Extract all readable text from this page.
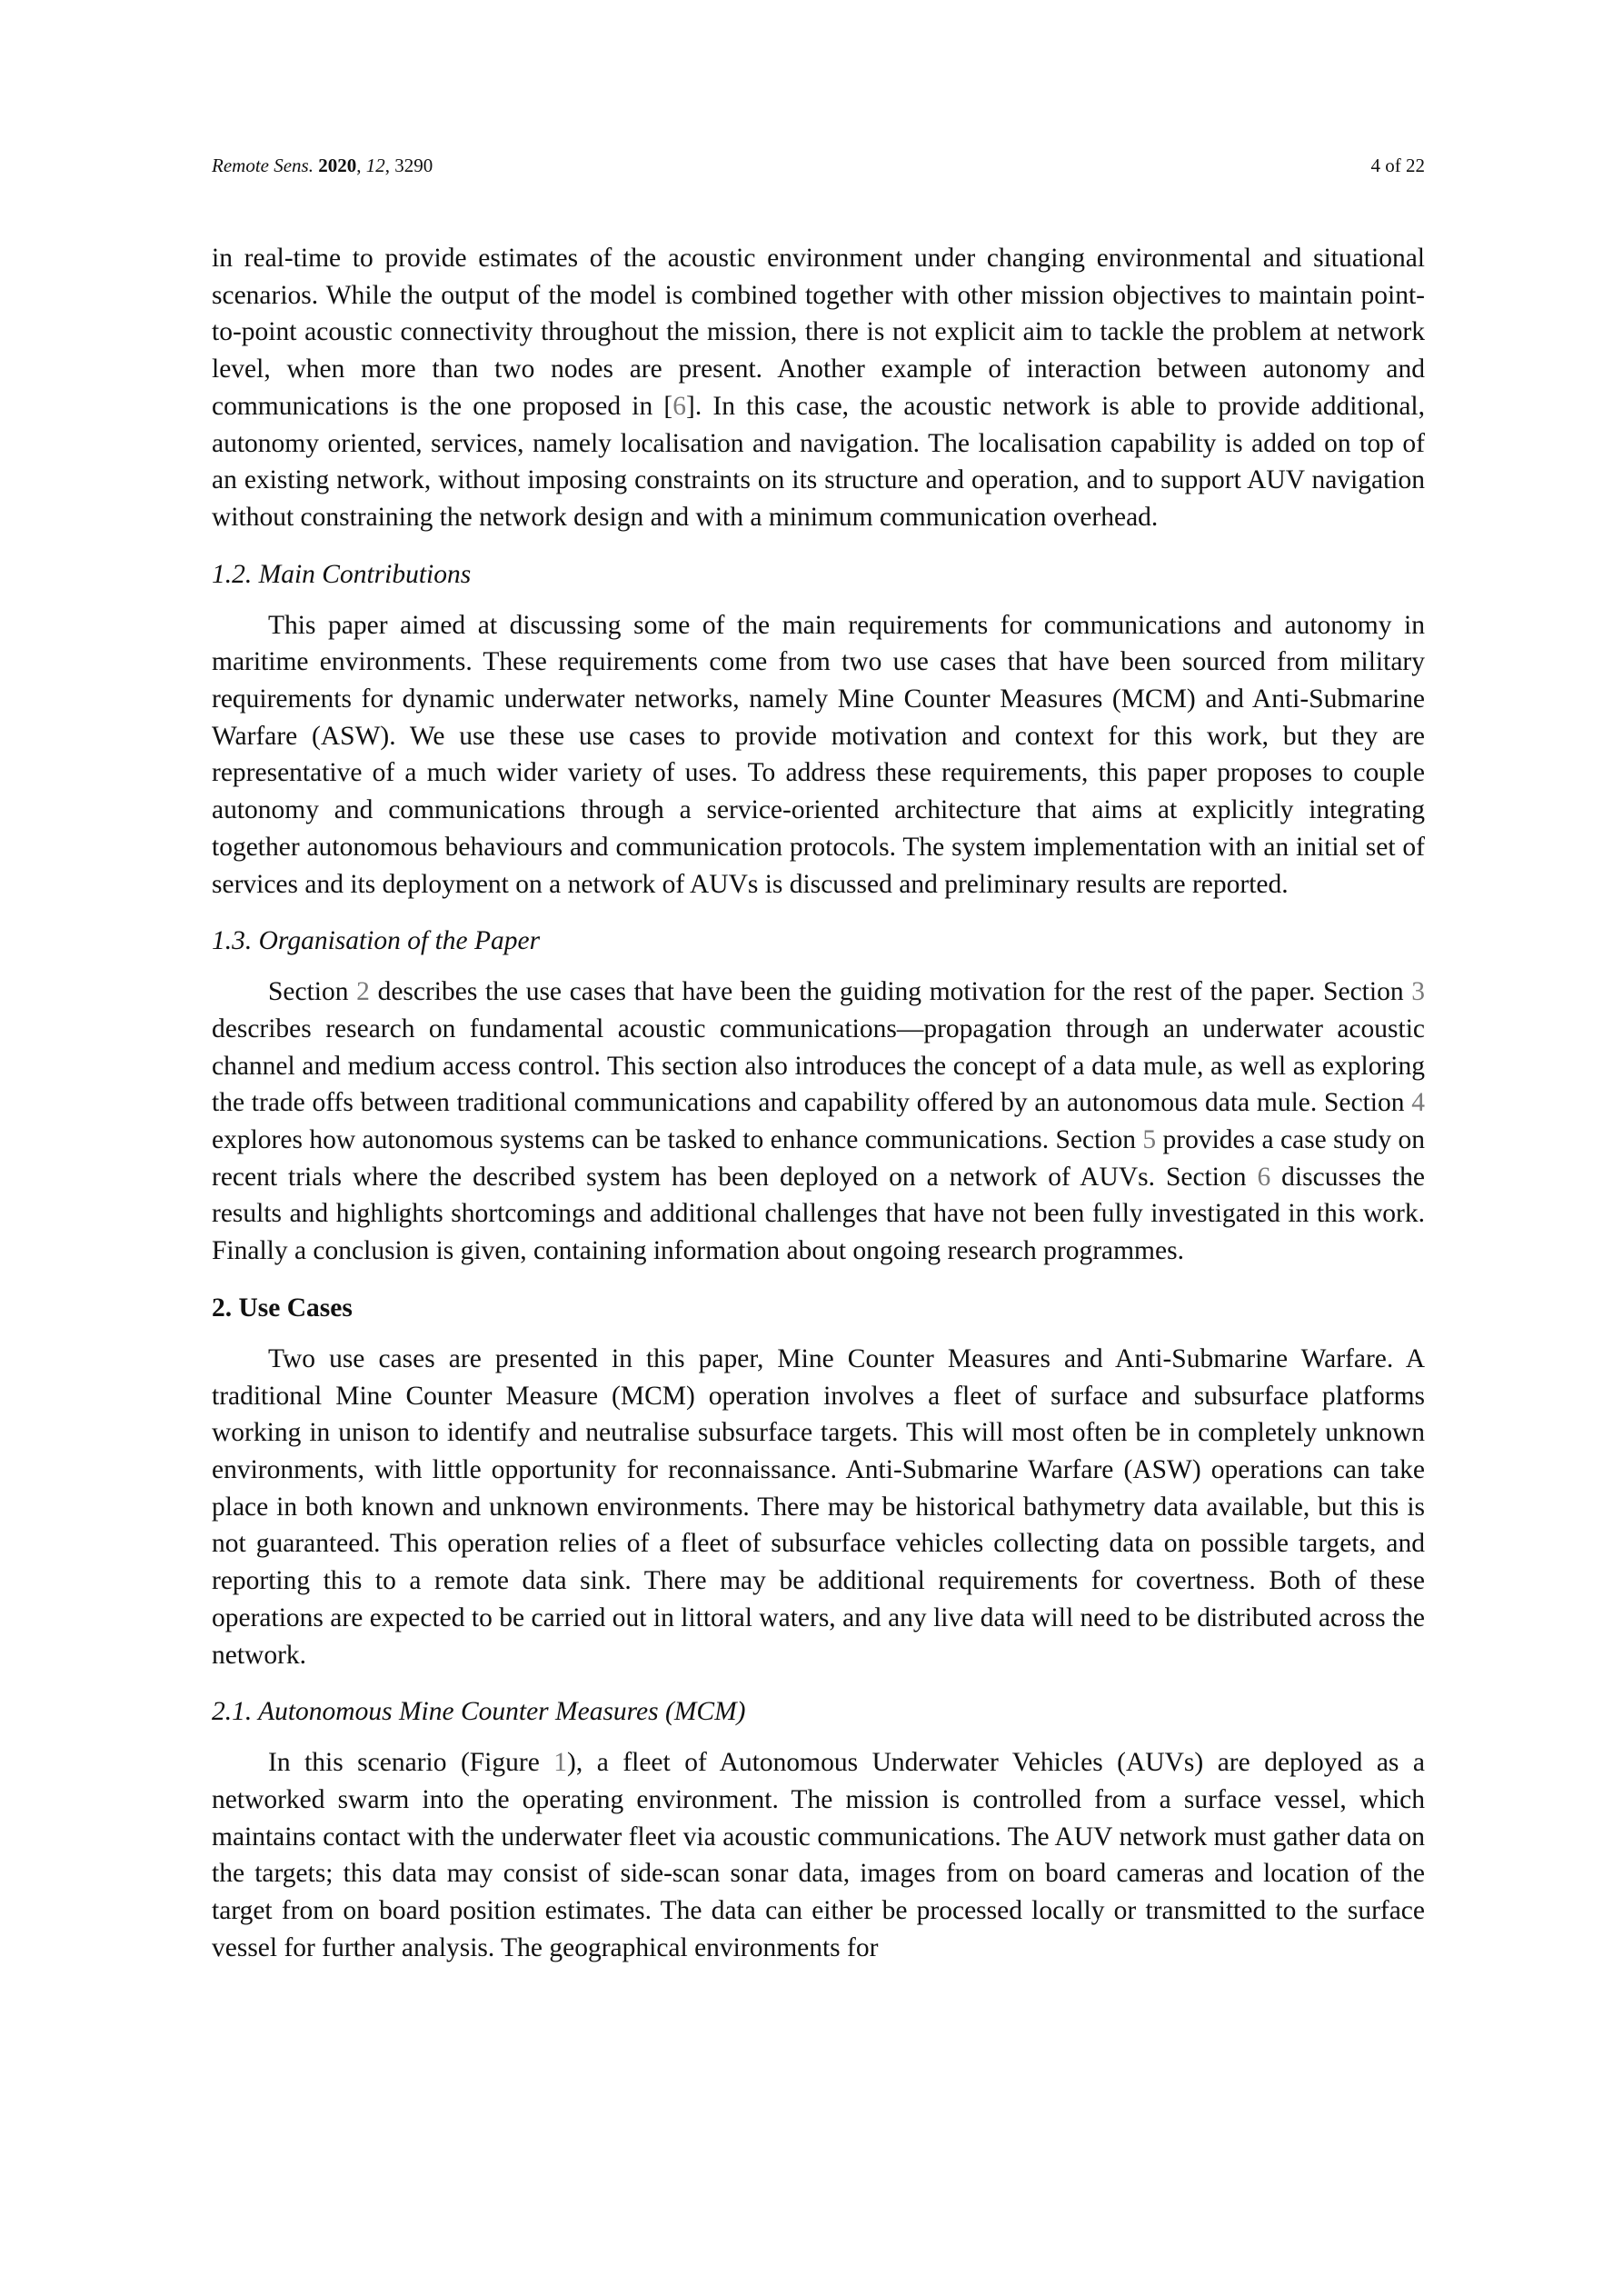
Remote Sens. 2020, 12, 3290	4 of 22

in real-time to provide estimates of the acoustic environment under changing environmental and situational scenarios. While the output of the model is combined together with other mission objectives to maintain point-to-point acoustic connectivity throughout the mission, there is not explicit aim to tackle the problem at network level, when more than two nodes are present. Another example of interaction between autonomy and communications is the one proposed in [6]. In this case, the acoustic network is able to provide additional, autonomy oriented, services, namely localisation and navigation. The localisation capability is added on top of an existing network, without imposing constraints on its structure and operation, and to support AUV navigation without constraining the network design and with a minimum communication overhead.

1.2. Main Contributions

This paper aimed at discussing some of the main requirements for communications and autonomy in maritime environments. These requirements come from two use cases that have been sourced from military requirements for dynamic underwater networks, namely Mine Counter Measures (MCM) and Anti-Submarine Warfare (ASW). We use these use cases to provide motivation and context for this work, but they are representative of a much wider variety of uses. To address these requirements, this paper proposes to couple autonomy and communications through a service-oriented architecture that aims at explicitly integrating together autonomous behaviours and communication protocols. The system implementation with an initial set of services and its deployment on a network of AUVs is discussed and preliminary results are reported.

1.3. Organisation of the Paper

Section 2 describes the use cases that have been the guiding motivation for the rest of the paper. Section 3 describes research on fundamental acoustic communications—propagation through an underwater acoustic channel and medium access control. This section also introduces the concept of a data mule, as well as exploring the trade offs between traditional communications and capability offered by an autonomous data mule. Section 4 explores how autonomous systems can be tasked to enhance communications. Section 5 provides a case study on recent trials where the described system has been deployed on a network of AUVs. Section 6 discusses the results and highlights shortcomings and additional challenges that have not been fully investigated in this work. Finally a conclusion is given, containing information about ongoing research programmes.

2. Use Cases

Two use cases are presented in this paper, Mine Counter Measures and Anti-Submarine Warfare. A traditional Mine Counter Measure (MCM) operation involves a fleet of surface and subsurface platforms working in unison to identify and neutralise subsurface targets. This will most often be in completely unknown environments, with little opportunity for reconnaissance. Anti-Submarine Warfare (ASW) operations can take place in both known and unknown environments. There may be historical bathymetry data available, but this is not guaranteed. This operation relies of a fleet of subsurface vehicles collecting data on possible targets, and reporting this to a remote data sink. There may be additional requirements for covertness. Both of these operations are expected to be carried out in littoral waters, and any live data will need to be distributed across the network.

2.1. Autonomous Mine Counter Measures (MCM)

In this scenario (Figure 1), a fleet of Autonomous Underwater Vehicles (AUVs) are deployed as a networked swarm into the operating environment. The mission is controlled from a surface vessel, which maintains contact with the underwater fleet via acoustic communications. The AUV network must gather data on the targets; this data may consist of side-scan sonar data, images from on board cameras and location of the target from on board position estimates. The data can either be processed locally or transmitted to the surface vessel for further analysis. The geographical environments for
